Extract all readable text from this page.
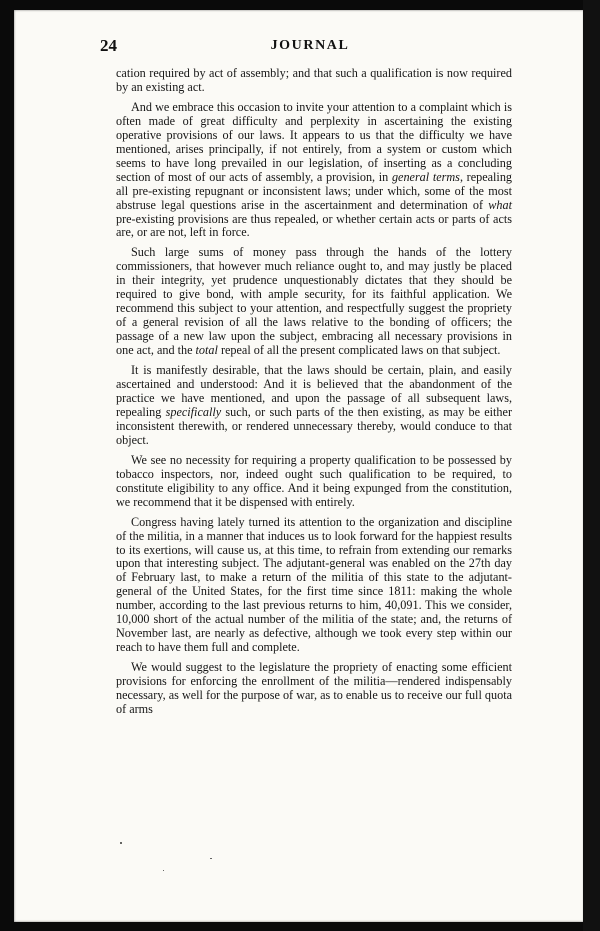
24	JOURNAL

cation required by act of assembly; and that such a qualification is now required by an existing act.

And we embrace this occasion to invite your attention to a complaint which is often made of great difficulty and perplexity in ascertaining the existing operative provisions of our laws. It appears to us that the difficulty we have mentioned, arises principally, if not entirely, from a system or custom which seems to have long prevailed in our legislation, of inserting as a concluding section of most of our acts of assembly, a provision, in general terms, repealing all pre-existing repugnant or inconsistent laws; under which, some of the most abstruse legal questions arise in the ascertainment and determination of what pre-existing provisions are thus repealed, or whether certain acts or parts of acts are, or are not, left in force.

Such large sums of money pass through the hands of the lottery commissioners, that however much reliance ought to, and may justly be placed in their integrity, yet prudence unquestionably dictates that they should be required to give bond, with ample security, for its faithful application. We recommend this subject to your attention, and respectfully suggest the propriety of a general revision of all the laws relative to the bonding of officers; the passage of a new law upon the subject, embracing all necessary provisions in one act, and the total repeal of all the present complicated laws on that subject.

It is manifestly desirable, that the laws should be certain, plain, and easily ascertained and understood: And it is believed that the abandonment of the practice we have mentioned, and upon the passage of all subsequent laws, repealing specifically such, or such parts of the then existing, as may be either inconsistent therewith, or rendered unnecessary thereby, would conduce to that object.

We see no necessity for requiring a property qualification to be possessed by tobacco inspectors, nor, indeed ought such qualification to be required, to constitute eligibility to any office. And it being expunged from the constitution, we recommend that it be dispensed with entirely.

Congress having lately turned its attention to the organization and discipline of the militia, in a manner that induces us to look forward for the happiest results to its exertions, will cause us, at this time, to refrain from extending our remarks upon that interesting subject. The adjutant-general was enabled on the 27th day of February last, to make a return of the militia of this state to the adjutant-general of the United States, for the first time since 1811: making the whole number, according to the last previous returns to him, 40,091. This we consider, 10,000 short of the actual number of the militia of the state; and, the returns of November last, are nearly as defective, although we took every step within our reach to have them full and complete.

We would suggest to the legislature the propriety of enacting some efficient provisions for enforcing the enrollment of the militia—rendered indispensably necessary, as well for the purpose of war, as to enable us to receive our full quota of arms
